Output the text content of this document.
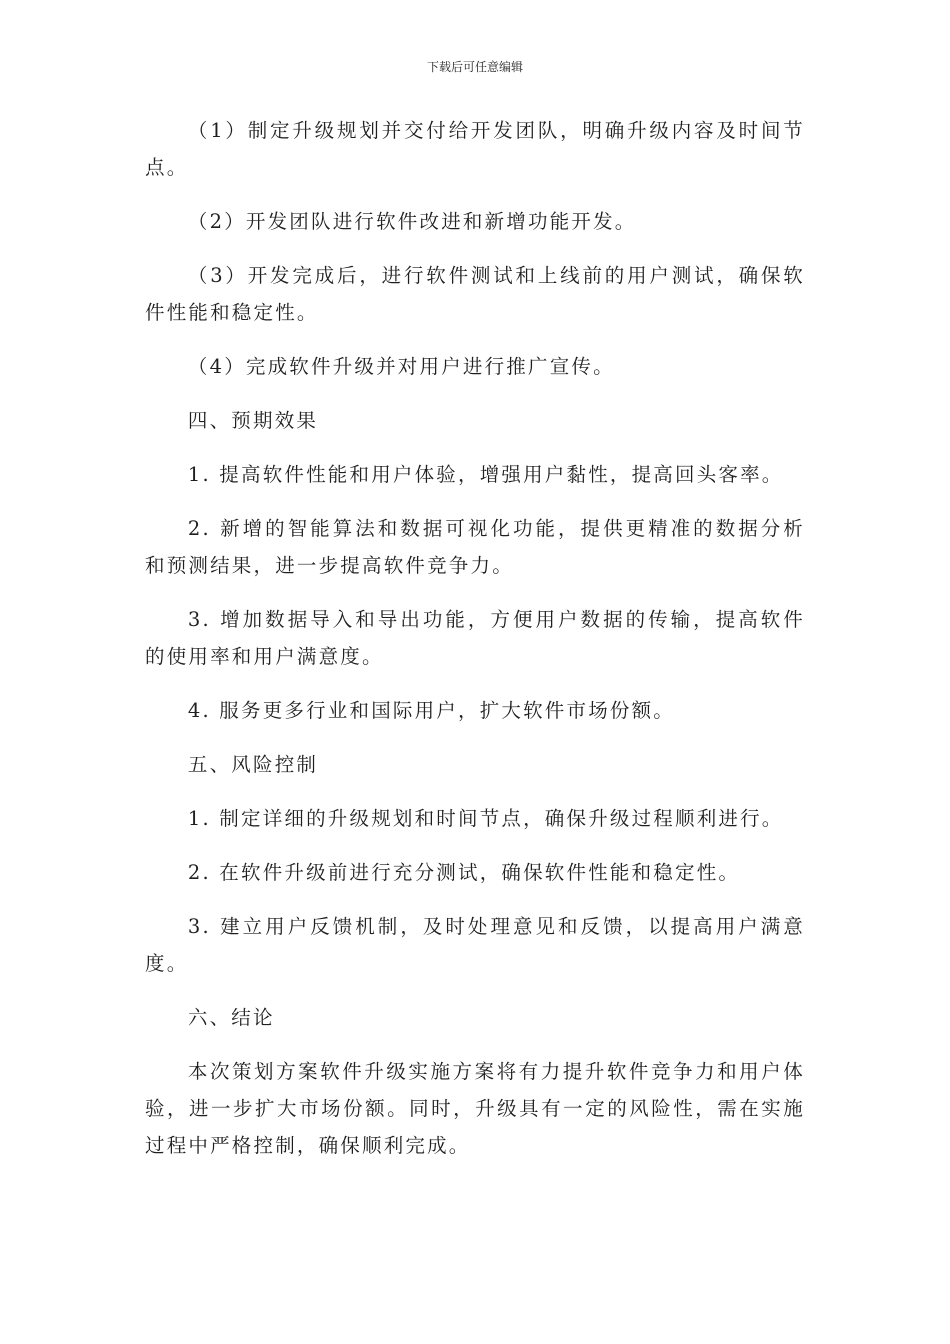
下载后可任意编辑

（1）制定升级规划并交付给开发团队，明确升级内容及时间节点。

（2）开发团队进行软件改进和新增功能开发。

（3）开发完成后，进行软件测试和上线前的用户测试，确保软件性能和稳定性。

（4）完成软件升级并对用户进行推广宣传。

四、预期效果

1. 提高软件性能和用户体验，增强用户黏性，提高回头客率。

2. 新增的智能算法和数据可视化功能，提供更精准的数据分析和预测结果，进一步提高软件竞争力。

3. 增加数据导入和导出功能，方便用户数据的传输，提高软件的使用率和用户满意度。

4. 服务更多行业和国际用户，扩大软件市场份额。

五、风险控制

1. 制定详细的升级规划和时间节点，确保升级过程顺利进行。

2. 在软件升级前进行充分测试，确保软件性能和稳定性。

3. 建立用户反馈机制，及时处理意见和反馈，以提高用户满意度。

六、结论

本次策划方案软件升级实施方案将有力提升软件竞争力和用户体验，进一步扩大市场份额。同时，升级具有一定的风险性，需在实施过程中严格控制，确保顺利完成。
